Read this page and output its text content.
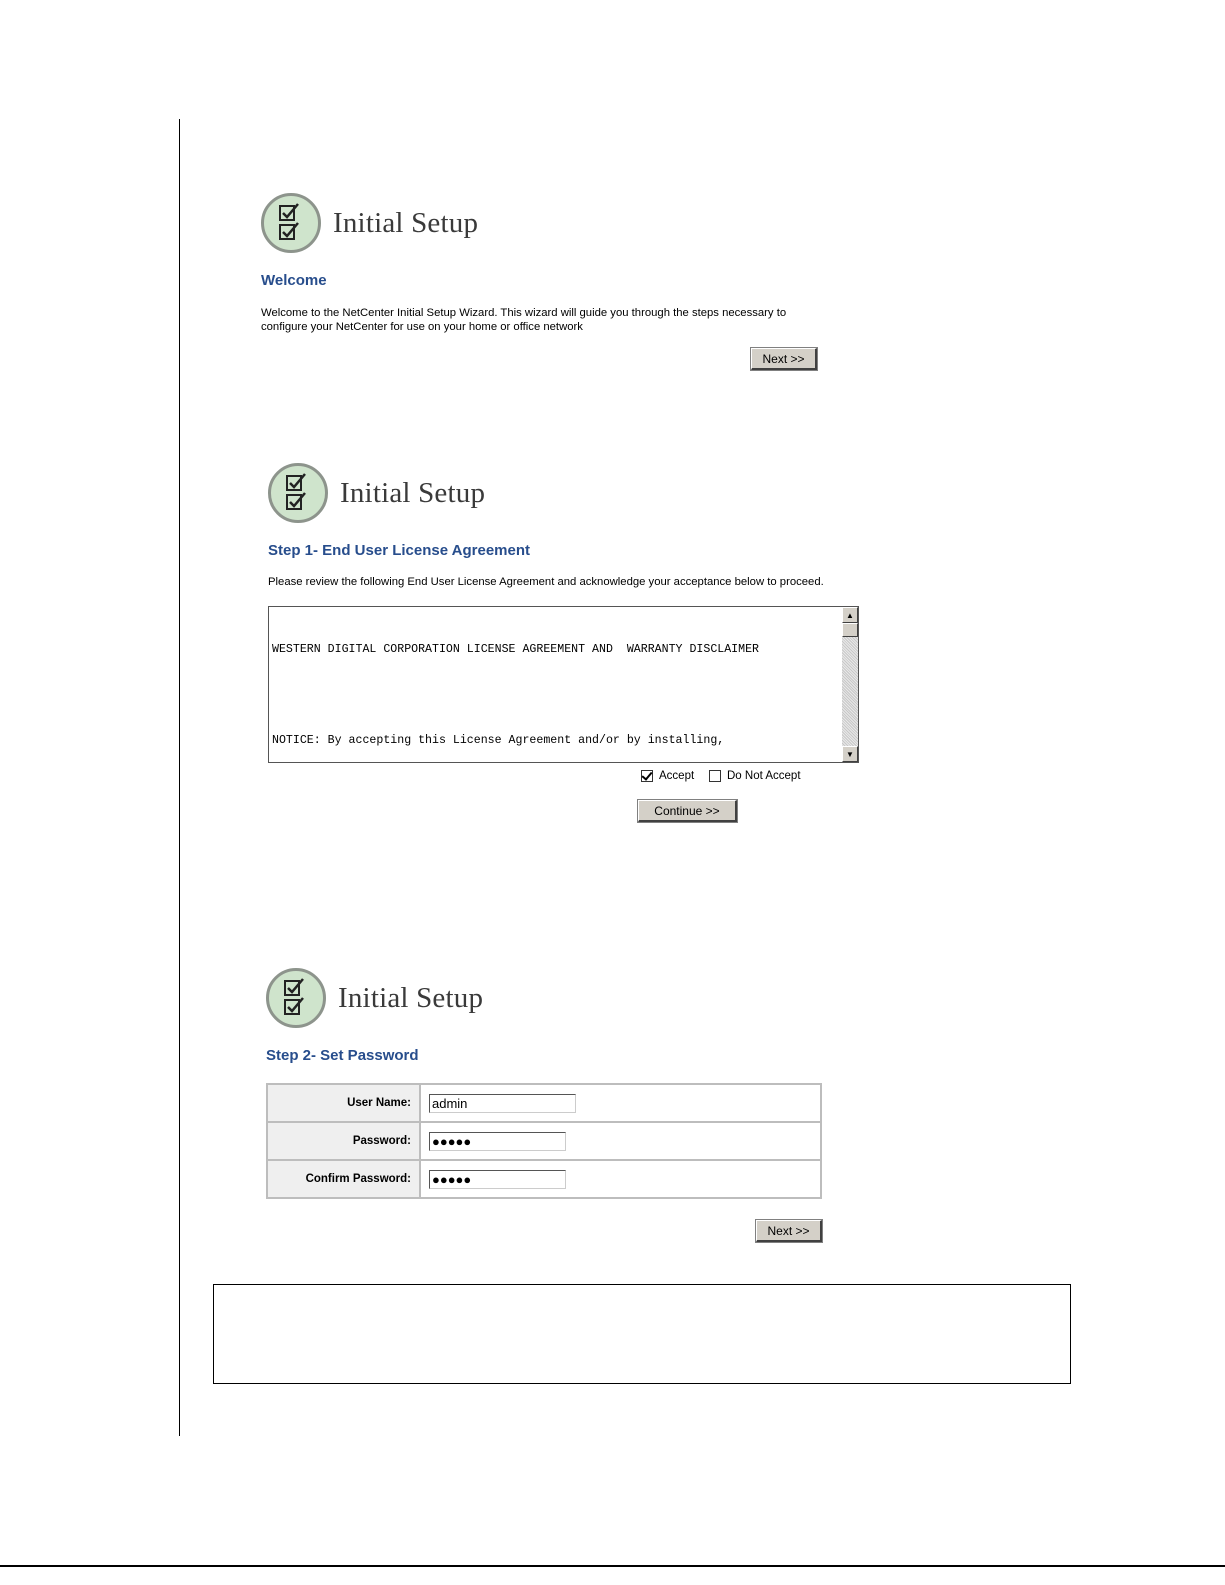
Initial Setup
Welcome
Welcome to the NetCenter Initial Setup Wizard. This wizard will guide you through the steps necessary to
configure your NetCenter for use on your home or office network
Next >>
Initial Setup
Step 1- End User License Agreement
Please review the following End User License Agreement and acknowledge your acceptance below to proceed.

WESTERN DIGITAL CORPORATION LICENSE AGREEMENT AND  WARRANTY DISCLAIMER

NOTICE: By accepting this License Agreement and/or by installing,

▲
▼
Accept	Do Not Accept
Continue >>
Initial Setup
Step 2- Set Password
User Name:	admin

Password:	●●●●●

Confirm Password:	●●●●●
Next >>
